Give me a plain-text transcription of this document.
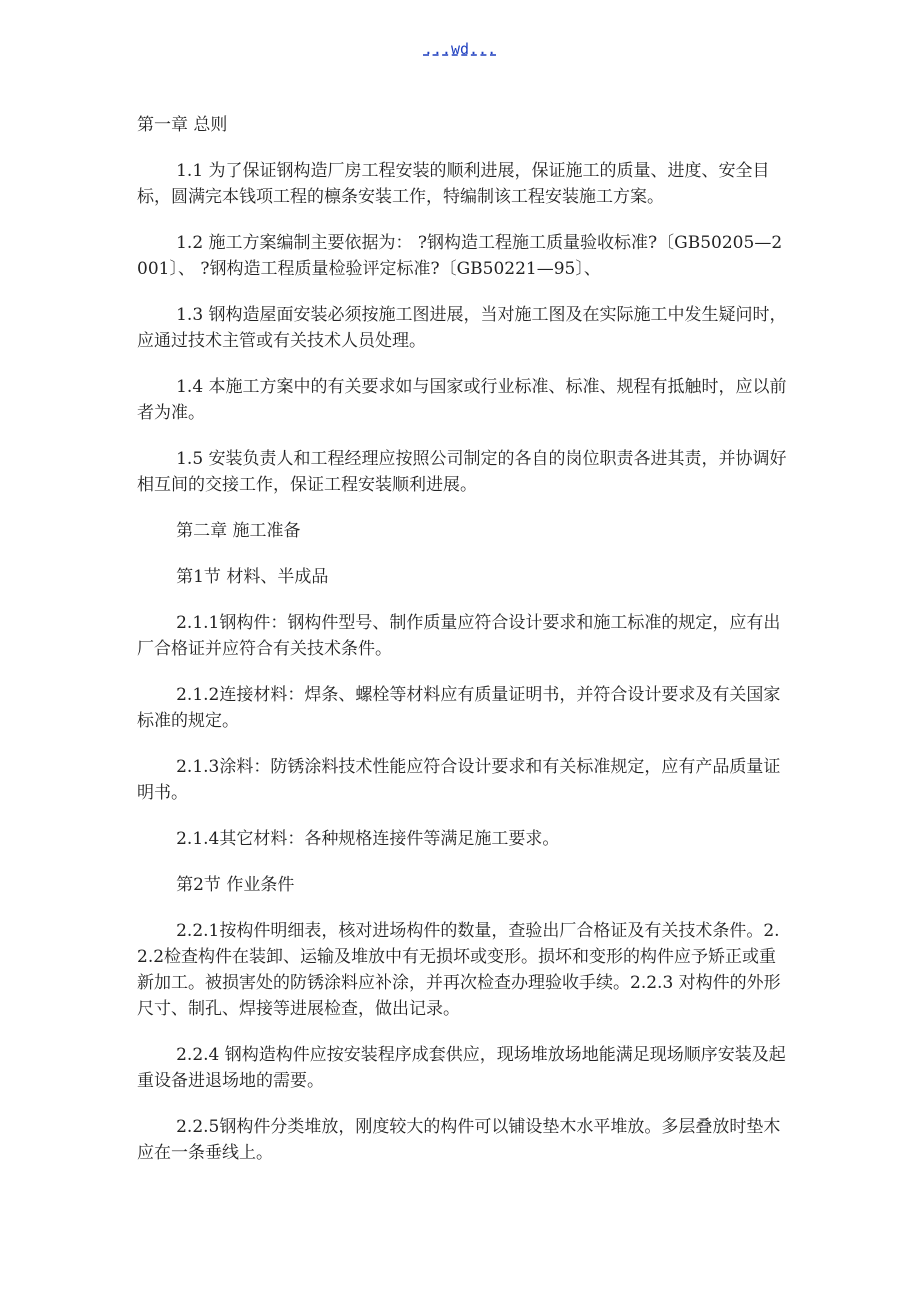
...wd...

第一章 总则

1.1 为了保证钢构造厂房工程安装的顺利进展，保证施工的质量、进度、安全目标，圆满完本钱项工程的檩条安装工作，特编制该工程安装施工方案。

1.2 施工方案编制主要依据为： ?钢构造工程施工质量验收标准?〔GB50205—2001〕、 ?钢构造工程质量检验评定标准?〔GB50221—95〕、

1.3 钢构造屋面安装必须按施工图进展，当对施工图及在实际施工中发生疑问时，应通过技术主管或有关技术人员处理。

1.4 本施工方案中的有关要求如与国家或行业标准、标准、规程有抵触时，应以前者为准。

1.5 安装负责人和工程经理应按照公司制定的各自的岗位职责各进其责，并协调好相互间的交接工作，保证工程安装顺利进展。

第二章 施工准备

第1节 材料、半成品

2.1.1钢构件：钢构件型号、制作质量应符合设计要求和施工标准的规定，应有出厂合格证并应符合有关技术条件。

2.1.2连接材料：焊条、螺栓等材料应有质量证明书，并符合设计要求及有关国家标准的规定。

2.1.3涂料：防锈涂料技术性能应符合设计要求和有关标准规定，应有产品质量证明书。

2.1.4其它材料：各种规格连接件等满足施工要求。

第2节 作业条件

2.2.1按构件明细表，核对进场构件的数量，查验出厂合格证及有关技术条件。2.2.2检查构件在装卸、运输及堆放中有无损坏或变形。损坏和变形的构件应予矫正或重新加工。被损害处的防锈涂料应补涂，并再次检查办理验收手续。2.2.3 对构件的外形尺寸、制孔、焊接等进展检查，做出记录。

2.2.4 钢构造构件应按安装程序成套供应，现场堆放场地能满足现场顺序安装及起重设备进退场地的需要。

2.2.5钢构件分类堆放，刚度较大的构件可以铺设垫木水平堆放。多层叠放时垫木应在一条垂线上。
